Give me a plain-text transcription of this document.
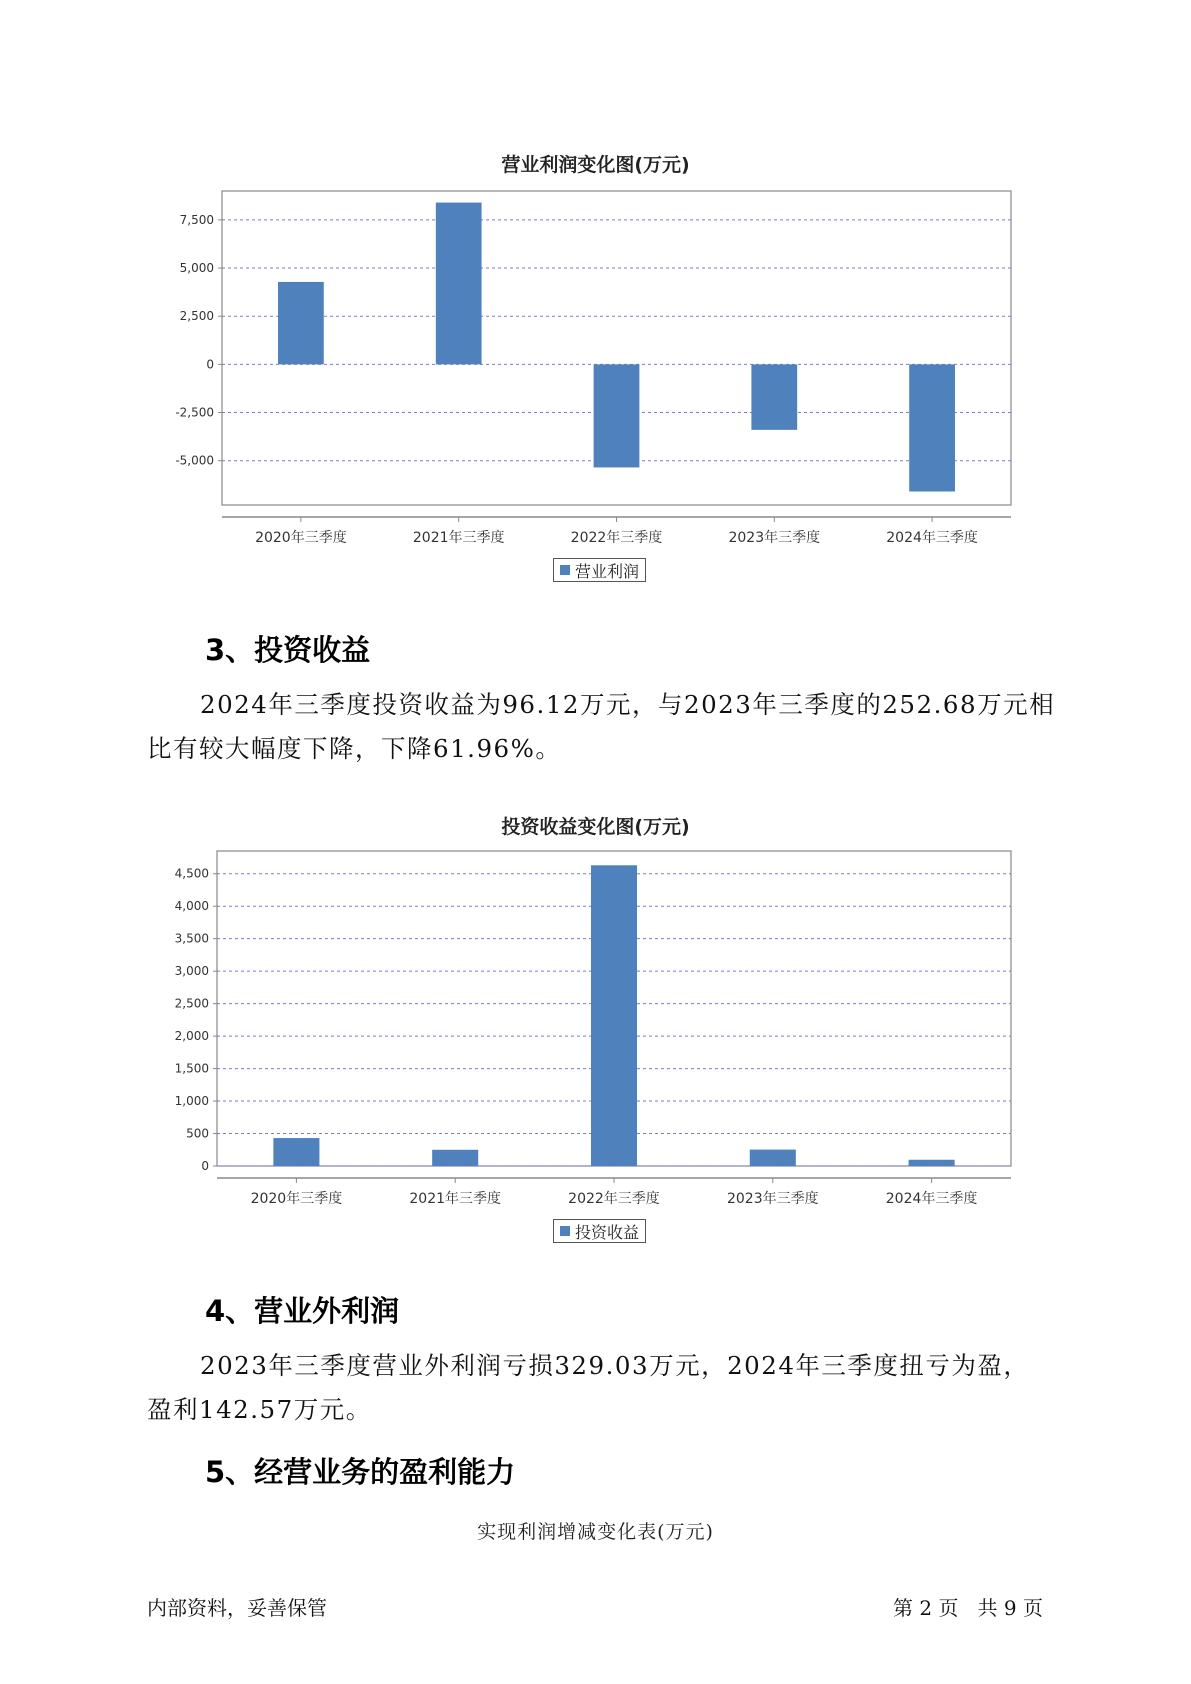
营业利润变化图(万元)
7,500
5,000
2,500
0
-2,500
-5,000
2020年三季度	2021年三季度	2022年三季度	2023年三季度	2024年三季度
营业利润
3、投资收益
2024年三季度投资收益为96.12万元，与2023年三季度的252.68万元相
比有较大幅度下降，下降61.96%。
投资收益变化图(万元)
4,500
4,000
3,500
3,000
2,500
2,000
1,500
1,000
500
0
2020年三季度	2021年三季度	2022年三季度	2023年三季度	2024年三季度
投资收益
4、营业外利润
2023年三季度营业外利润亏损329.03万元，2024年三季度扭亏为盈，
盈利142.57万元。
5、经营业务的盈利能力
实现利润增减变化表(万元)
内部资料，妥善保管	第 2 页   共 9 页
